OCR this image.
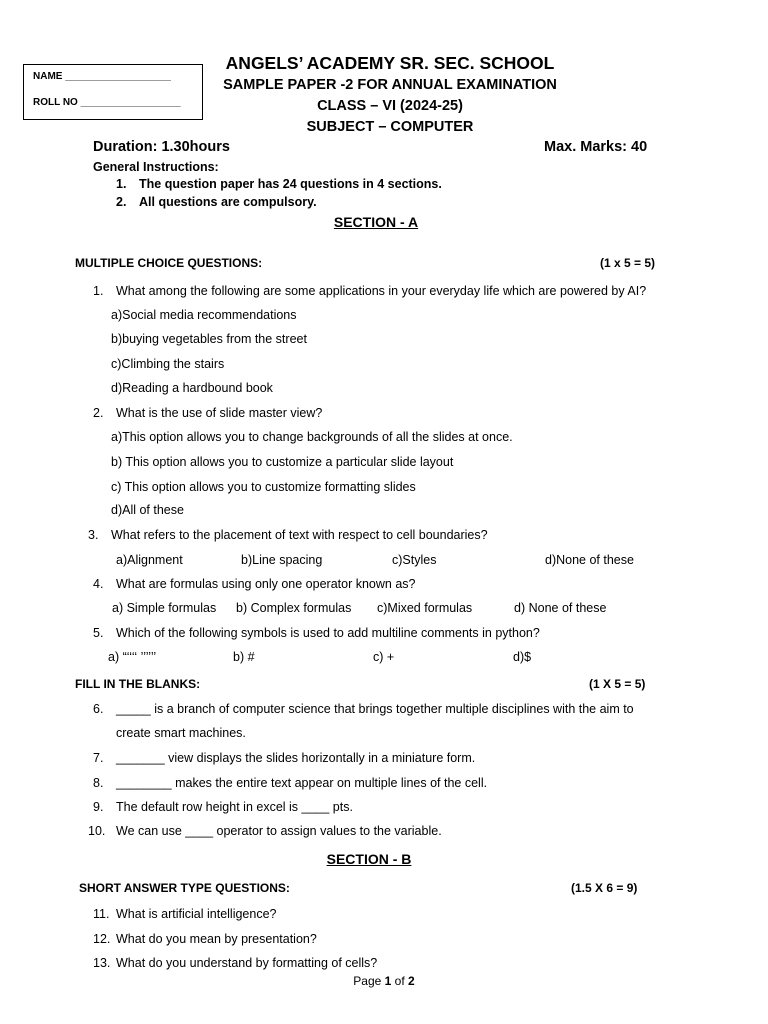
NAME ___________________
ROLL NO __________________
ANGELS’ ACADEMY SR. SEC. SCHOOL
SAMPLE PAPER -2 FOR ANNUAL EXAMINATION
CLASS – VI (2024-25)
SUBJECT – COMPUTER
Duration: 1.30hours	Max. Marks: 40
General Instructions:
1. The question paper has 24 questions in 4 sections.
2. All questions are compulsory.
SECTION - A
MULTIPLE CHOICE QUESTIONS:	(1 x 5 = 5)
1. What among the following are some applications in your everyday life which are powered by AI?
a)Social media recommendations
b)buying vegetables from the street
c)Climbing the stairs
d)Reading a hardbound book
2. What is the use of slide master view?
a)This option allows you to change backgrounds of all the slides at once.
b) This option allows you to customize a particular slide layout
c) This option allows you to customize formatting slides
d)All of these
3. What refers to the placement of text with respect to cell boundaries?
a)Alignment	b)Line spacing	c)Styles	d)None of these
4. What are formulas using only one operator known as?
a) Simple formulas b) Complex formulas c)Mixed formulas	d) None of these
5. Which of the following symbols is used to add multiline comments in python?
a) “‘‘‘‘ ’’’’’’	b) #	c) +	d)$
FILL IN THE BLANKS:	(1 X 5 = 5)
6. _____ is a branch of computer science that brings together multiple disciplines with the aim to
create smart machines.
7. _______ view displays the slides horizontally in a miniature form.
8. ________ makes the entire text appear on multiple lines of the cell.
9. The default row height in excel is ____ pts.
10. We can use ____ operator to assign values to the variable.
SECTION - B
SHORT ANSWER TYPE QUESTIONS:	(1.5 X 6 = 9)
11. What is artificial intelligence?
12. What do you mean by presentation?
13. What do you understand by formatting of cells?
Page 1 of 2
